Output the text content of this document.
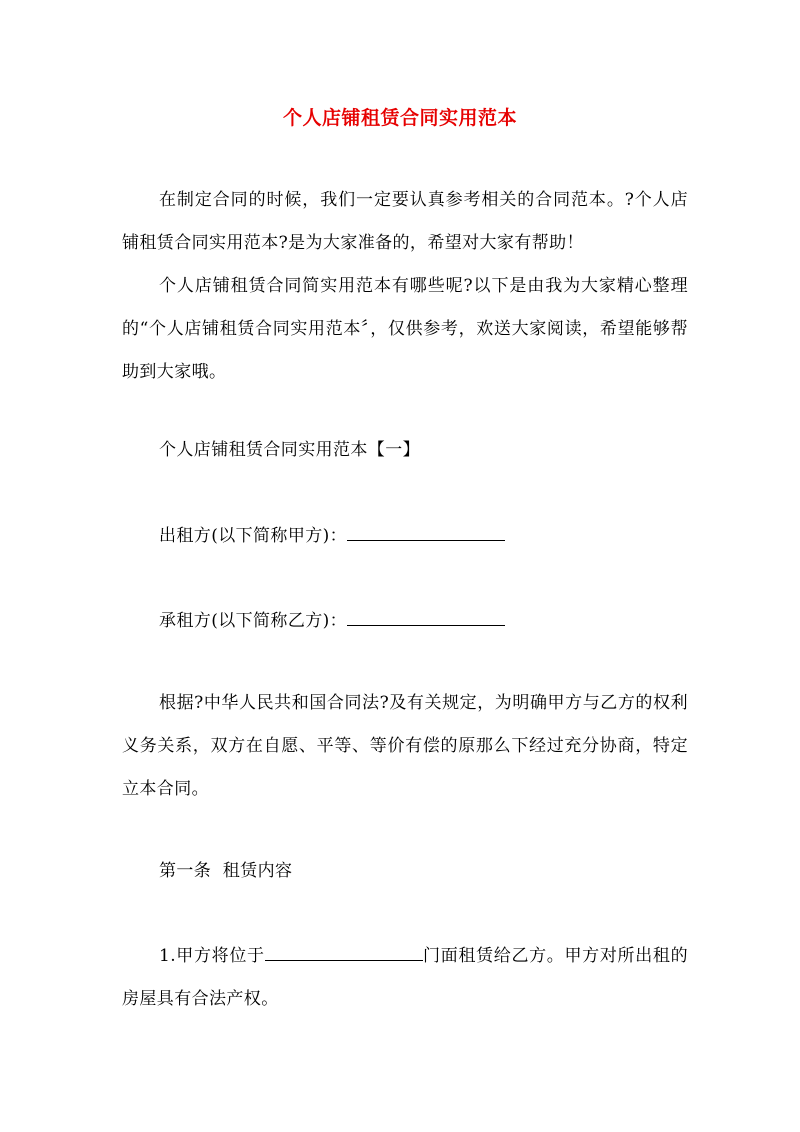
个人店铺租赁合同实用范本
在制定合同的时候，我们一定要认真参考相关的合同范本。?个人店铺租赁合同实用范本?是为大家准备的，希望对大家有帮助！
个人店铺租赁合同简实用范本有哪些呢?以下是由我为大家精心整理的“个人店铺租赁合同实用范本〞，仅供参考，欢送大家阅读，希望能够帮助到大家哦。
个人店铺租赁合同实用范本【一】
出租方(以下简称甲方)：
承租方(以下简称乙方)：
根据?中华人民共和国合同法?及有关规定，为明确甲方与乙方的权利义务关系，双方在自愿、平等、等价有偿的原那么下经过充分协商，特定立本合同。
第一条  租赁内容
1.甲方将位于	门面租赁给乙方。甲方对所出租的房屋具有合法产权。
